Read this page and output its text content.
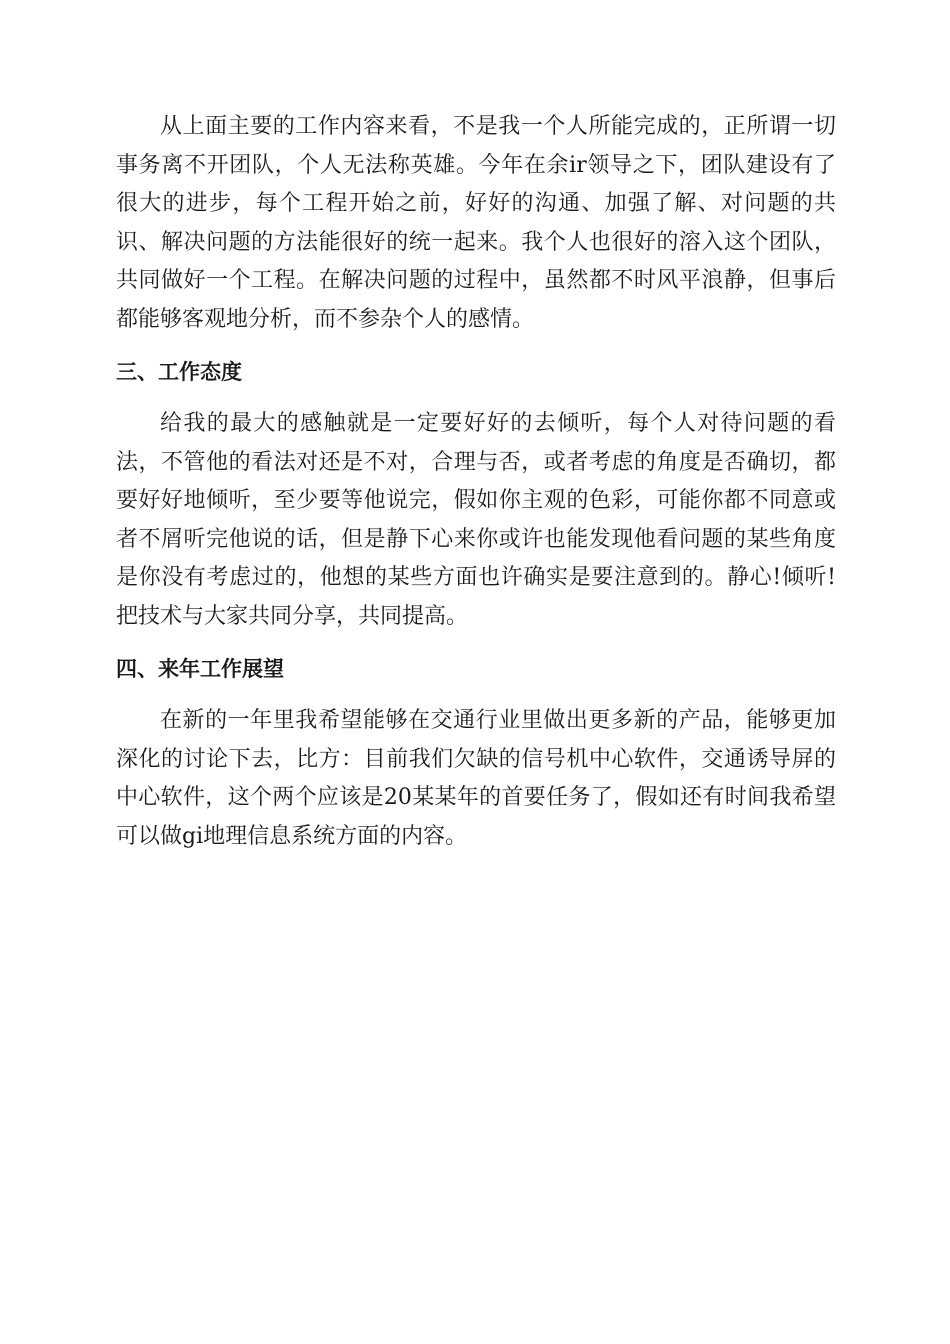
从上面主要的工作内容来看，不是我一个人所能完成的，正所谓一切事务离不开团队，个人无法称英雄。今年在余ir领导之下，团队建设有了很大的进步，每个工程开始之前，好好的沟通、加强了解、对问题的共识、解决问题的方法能很好的统一起来。我个人也很好的溶入这个团队，共同做好一个工程。在解决问题的过程中，虽然都不时风平浪静，但事后都能够客观地分析，而不参杂个人的感情。

三、工作态度

给我的最大的感触就是一定要好好的去倾听，每个人对待问题的看法，不管他的看法对还是不对，合理与否，或者考虑的角度是否确切，都要好好地倾听，至少要等他说完，假如你主观的色彩，可能你都不同意或者不屑听完他说的话，但是静下心来你或许也能发现他看问题的某些角度是你没有考虑过的，他想的某些方面也许确实是要注意到的。静心!倾听!把技术与大家共同分享，共同提高。

四、来年工作展望

在新的一年里我希望能够在交通行业里做出更多新的产品，能够更加深化的讨论下去，比方：目前我们欠缺的信号机中心软件，交通诱导屏的中心软件，这个两个应该是20某某年的首要任务了，假如还有时间我希望可以做gi地理信息系统方面的内容。
